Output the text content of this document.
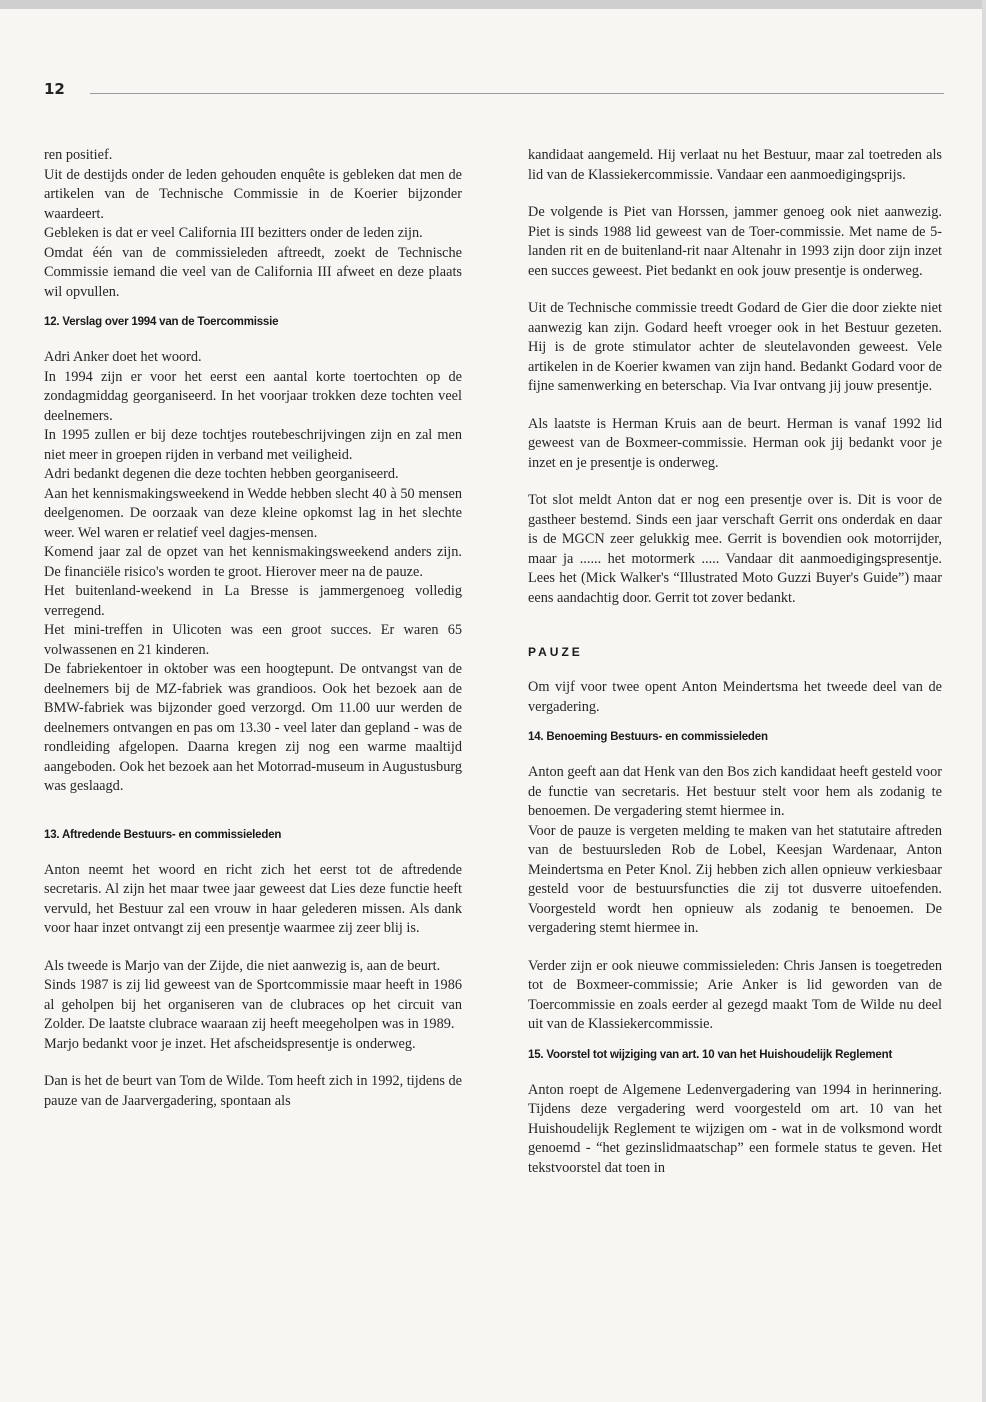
12

ren positief.

Uit de destijds onder de leden gehouden enquête is gebleken dat men de artikelen van de Technische Commissie in de Koerier bijzonder waardeert.

Gebleken is dat er veel California III bezitters onder de leden zijn.

Omdat één van de commissieleden aftreedt, zoekt de Technische Commissie iemand die veel van de California III afweet en deze plaats wil opvullen.

12. Verslag over 1994 van de Toercommissie

Adri Anker doet het woord.

In 1994 zijn er voor het eerst een aantal korte toertochten op de zondagmiddag georganiseerd. In het voorjaar trokken deze tochten veel deelnemers.

In 1995 zullen er bij deze tochtjes routebeschrijvingen zijn en zal men niet meer in groepen rijden in verband met veiligheid.

Adri bedankt degenen die deze tochten hebben georganiseerd.

Aan het kennismakingsweekend in Wedde hebben slecht 40 à 50 mensen deelgenomen. De oorzaak van deze kleine opkomst lag in het slechte weer. Wel waren er relatief veel dagjes-mensen.

Komend jaar zal de opzet van het kennismakingsweekend anders zijn. De financiële risico's worden te groot. Hierover meer na de pauze.

Het buitenland-weekend in La Bresse is jammergenoeg volledig verregend.

Het mini-treffen in Ulicoten was een groot succes. Er waren 65 volwassenen en 21 kinderen.

De fabriekentoer in oktober was een hoogtepunt. De ontvangst van de deelnemers bij de MZ-fabriek was grandioos. Ook het bezoek aan de BMW-fabriek was bijzonder goed verzorgd. Om 11.00 uur werden de deelnemers ontvangen en pas om 13.30 - veel later dan gepland - was de rondleiding afgelopen. Daarna kregen zij nog een warme maaltijd aangeboden. Ook het bezoek aan het Motorrad-museum in Augustusburg was geslaagd.

13. Aftredende Bestuurs- en commissieleden

Anton neemt het woord en richt zich het eerst tot de aftredende secretaris. Al zijn het maar twee jaar geweest dat Lies deze functie heeft vervuld, het Bestuur zal een vrouw in haar gelederen missen. Als dank voor haar inzet ontvangt zij een presentje waarmee zij zeer blij is.

Als tweede is Marjo van der Zijde, die niet aanwezig is, aan de beurt.

Sinds 1987 is zij lid geweest van de Sportcommissie maar heeft in 1986 al geholpen bij het organiseren van de clubraces op het circuit van Zolder. De laatste clubrace waaraan zij heeft meegeholpen was in 1989.

Marjo bedankt voor je inzet. Het afscheidspresentje is onderweg.

Dan is het de beurt van Tom de Wilde. Tom heeft zich in 1992, tijdens de pauze van de Jaarvergadering, spontaan als

kandidaat aangemeld. Hij verlaat nu het Bestuur, maar zal toetreden als lid van de Klassiekercommissie. Vandaar een aanmoedigingsprijs.

De volgende is Piet van Horssen, jammer genoeg ook niet aanwezig. Piet is sinds 1988 lid geweest van de Toer-commissie. Met name de 5-landen rit en de buitenland-rit naar Altenahr in 1993 zijn door zijn inzet een succes geweest. Piet bedankt en ook jouw presentje is onderweg.

Uit de Technische commissie treedt Godard de Gier die door ziekte niet aanwezig kan zijn. Godard heeft vroeger ook in het Bestuur gezeten. Hij is de grote stimulator achter de sleutelavonden geweest. Vele artikelen in de Koerier kwamen van zijn hand. Bedankt Godard voor de fijne samenwerking en beterschap. Via Ivar ontvang jij jouw presentje.

Als laatste is Herman Kruis aan de beurt. Herman is vanaf 1992 lid geweest van de Boxmeer-commissie. Herman ook jij bedankt voor je inzet en je presentje is onderweg.

Tot slot meldt Anton dat er nog een presentje over is. Dit is voor de gastheer bestemd. Sinds een jaar verschaft Gerrit ons onderdak en daar is de MGCN zeer gelukkig mee. Gerrit is bovendien ook motorrijder, maar ja ...... het motormerk ..... Vandaar dit aanmoedigingspresentje. Lees het (Mick Walker's “Illustrated Moto Guzzi Buyer's Guide”) maar eens aandachtig door. Gerrit tot zover bedankt.

PAUZE

Om vijf voor twee opent Anton Meindertsma het tweede deel van de vergadering.

14. Benoeming Bestuurs- en commissieleden

Anton geeft aan dat Henk van den Bos zich kandidaat heeft gesteld voor de functie van secretaris. Het bestuur stelt voor hem als zodanig te benoemen. De vergadering stemt hiermee in.

Voor de pauze is vergeten melding te maken van het statutaire aftreden van de bestuursleden Rob de Lobel, Keesjan Wardenaar, Anton Meindertsma en Peter Knol. Zij hebben zich allen opnieuw verkiesbaar gesteld voor de bestuursfuncties die zij tot dusverre uitoefenden. Voorgesteld wordt hen opnieuw als zodanig te benoemen. De vergadering stemt hiermee in.

Verder zijn er ook nieuwe commissieleden: Chris Jansen is toegetreden tot de Boxmeer-commissie; Arie Anker is lid geworden van de Toercommissie en zoals eerder al gezegd maakt Tom de Wilde nu deel uit van de Klassiekercommissie.

15. Voorstel tot wijziging van art. 10 van het Huishoudelijk Reglement

Anton roept de Algemene Ledenvergadering van 1994 in herinnering. Tijdens deze vergadering werd voorgesteld om art. 10 van het Huishoudelijk Reglement te wijzigen om - wat in de volksmond wordt genoemd - “het gezinslidmaatschap” een formele status te geven. Het tekstvoorstel dat toen in
